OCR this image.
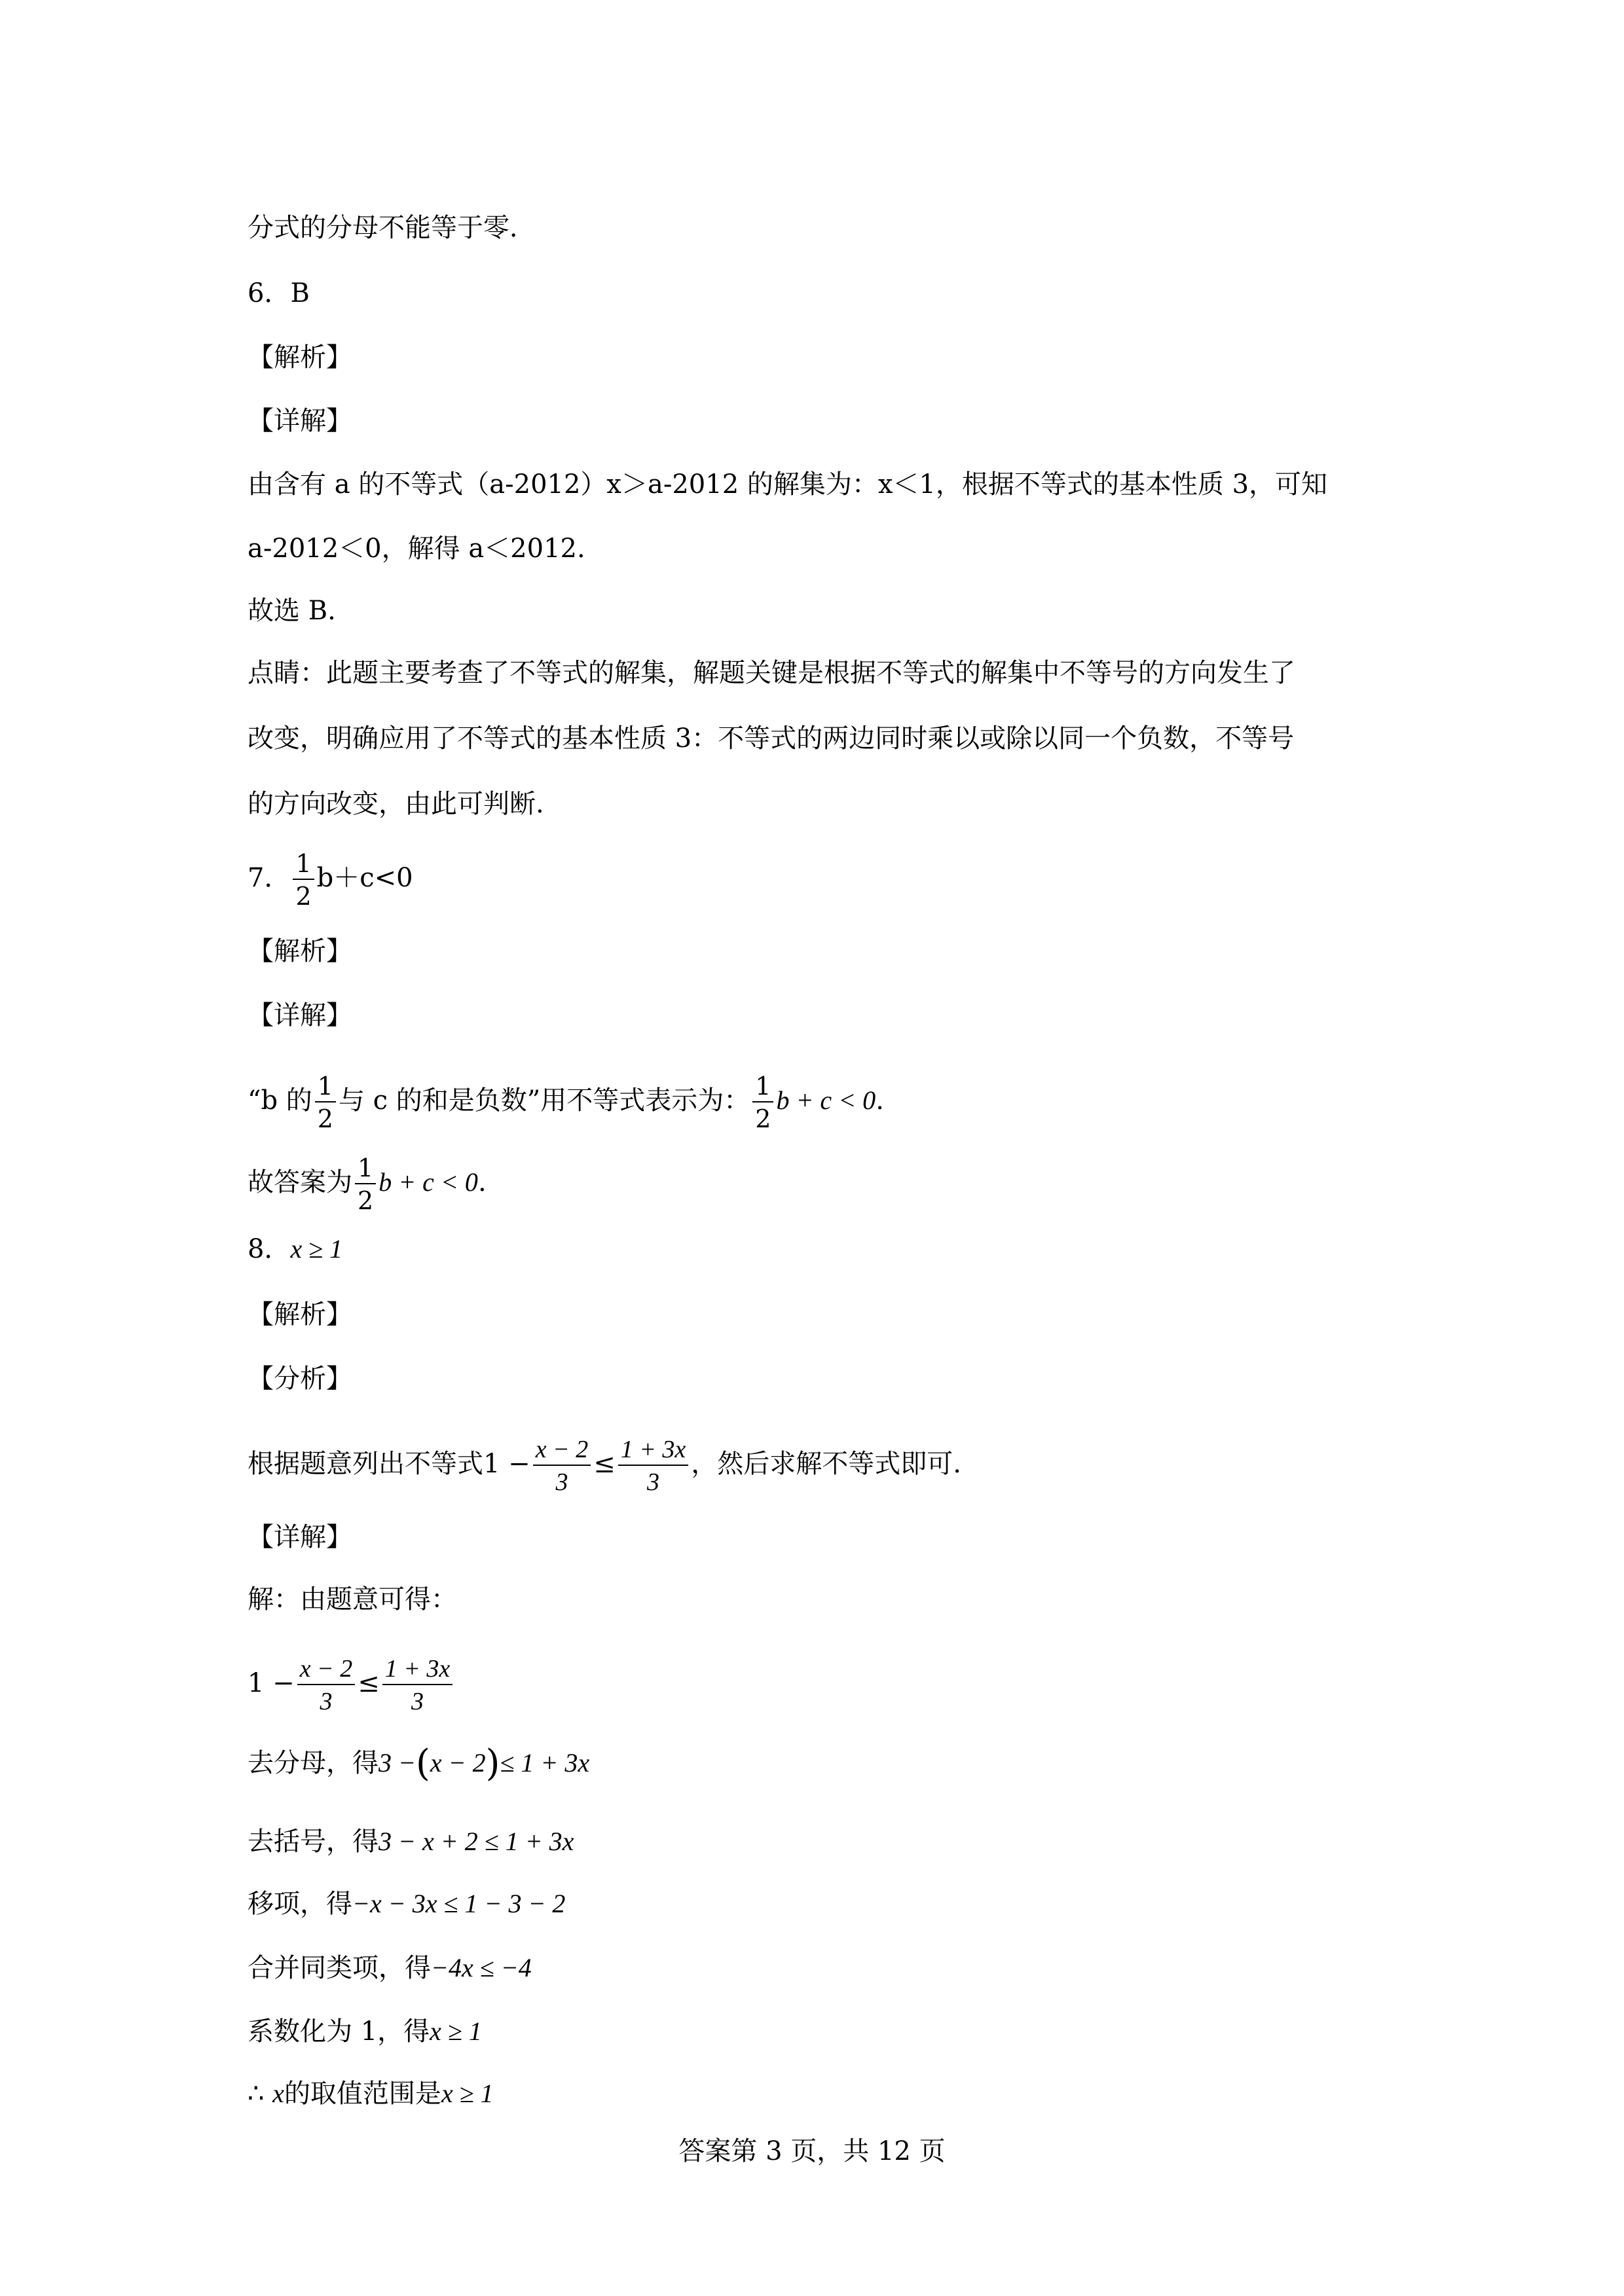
分式的分母不能等于零．
6．B
【解析】
【详解】
由含有 a 的不等式（a-2012）x＞a-2012 的解集为：x＜1，根据不等式的基本性质 3，可知
a-2012＜0，解得 a＜2012.
故选 B.
点睛：此题主要考查了不等式的解集，解题关键是根据不等式的解集中不等号的方向发生了
改变，明确应用了不等式的基本性质 3：不等式的两边同时乘以或除以同一个负数，不等号
的方向改变，由此可判断.
7． $\frac{1}{2} b+c<0$
【解析】
【详解】
“b 的 $\frac{1}{2}$ 与 c 的和是负数”用不等式表示为： $\frac{1}{2}$ b + c < 0.
故答案为 $\frac{1}{2}$ b + c < 0.
8．x ≥ 1
【解析】
【分析】
根据题意列出不等式$1 - \frac{x - 2}{3} \le \frac{1 + 3x}{3}$ ，然后求解不等式即可.
【详解】
解：由题意可得：
$1 - \frac{x - 2}{3} \le \frac{1 + 3x}{3}$
去分母，得3 −(x − 2)≤ 1 + 3x
去括号，得3 − x + 2 ≤ 1 + 3x
移项，得−x − 3x ≤ 1 − 3 − 2
合并同类项，得−4x ≤ −4
系数化为 1，得x ≥ 1
∴ x的取值范围是x ≥ 1
答案第 3 页，共 12 页
